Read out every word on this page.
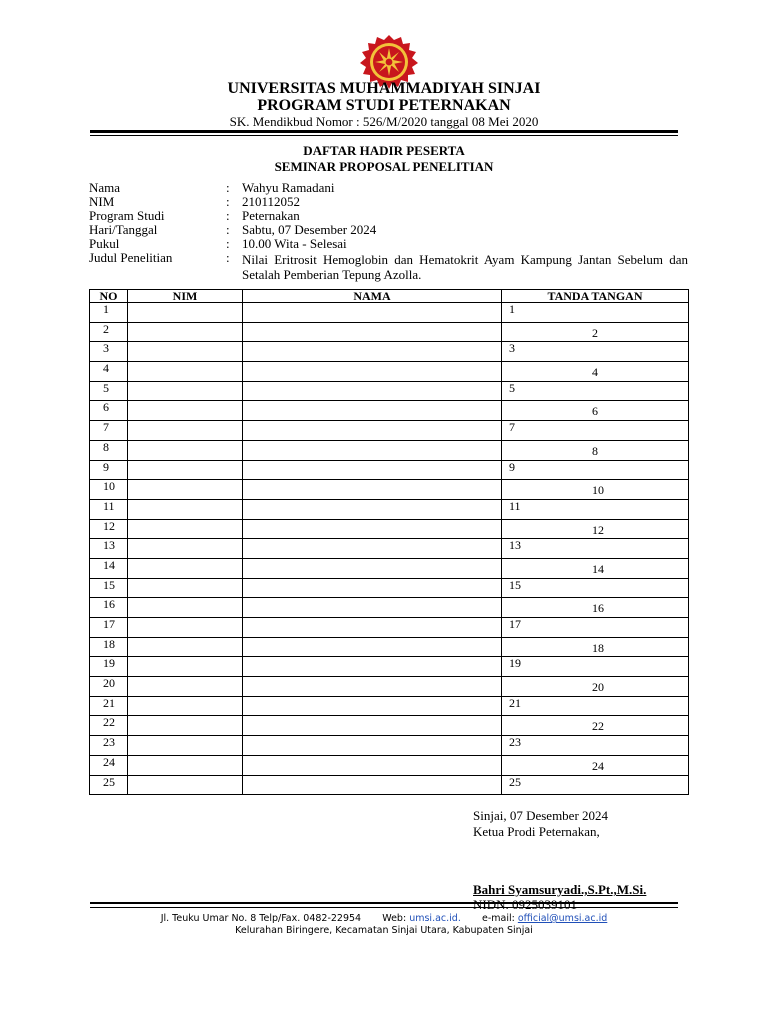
UNIVERSITAS MUHAMMADIYAH SINJAI
PROGRAM STUDI PETERNAKAN
SK. Mendikbud Nomor : 526/M/2020 tanggal 08 Mei 2020
DAFTAR HADIR PESERTA
SEMINAR PROPOSAL PENELITIAN
Nama	: Wahyu Ramadani
NIM	: 210112052
Program Studi	: Peternakan
Hari/Tanggal	: Sabtu, 07 Desember 2024
Pukul	: 10.00 Wita - Selesai
Judul Penelitian	: Nilai Eritrosit Hemoglobin dan Hematokrit Ayam Kampung Jantan Sebelum dan Setalah Pemberian Tepung Azolla.
NO	NIM	NAMA	TANDA TANGAN
1			1
2			2
3			3
4			4
5			5
6			6
7			7
8			8
9			9
10			10
11			11
12			12
13			13
14			14
15			15
16			16
17			17
18			18
19			19
20			20
21			21
22			22
23			23
24			24
25			25
Sinjai, 07 Desember 2024
Ketua Prodi Peternakan,
Bahri Syamsuryadi.,S.Pt.,M.Si.
NIDN. 0925039101
Jl. Teuku Umar No. 8 Telp/Fax. 0482-22954 Web: umsi.ac.id. e-mail: official@umsi.ac.id
Kelurahan Biringere, Kecamatan Sinjai Utara, Kabupaten Sinjai
